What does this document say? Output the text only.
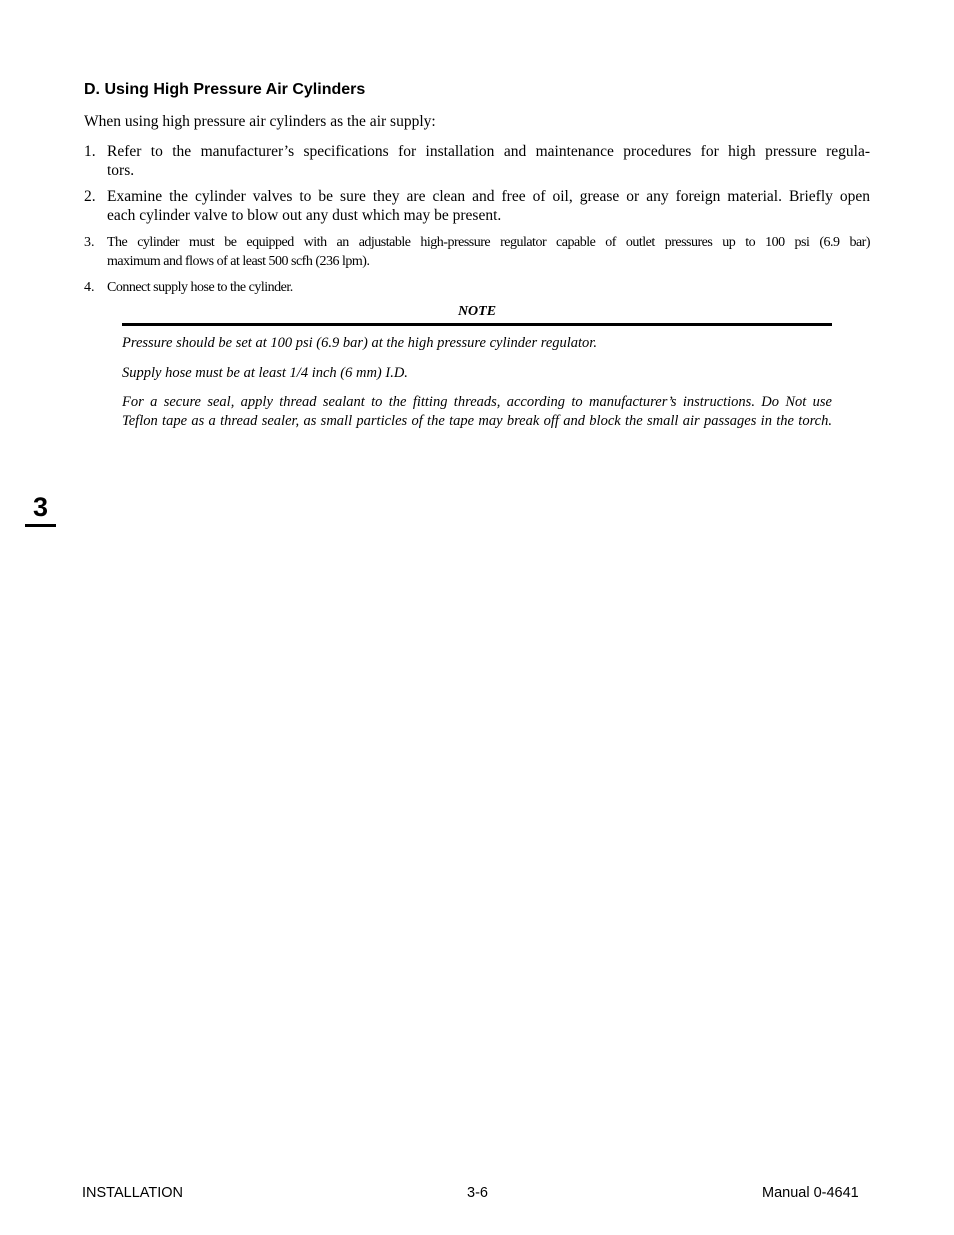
D. Using High Pressure Air Cylinders
When using high pressure air cylinders as the air supply:
1. Refer to the manufacturer’s specifications for installation and maintenance procedures for high pressure regula-
tors.
2. Examine the cylinder valves to be sure they are clean and free of oil, grease or any foreign material. Briefly open
each cylinder valve to blow out any dust which may be present.
3. The cylinder must be equipped with an adjustable high-pressure regulator capable of outlet pressures up to 100 psi (6.9 bar)
maximum and flows of at least 500 scfh (236 lpm).
4. Connect supply hose to the cylinder.
NOTE
Pressure should be set at 100 psi (6.9 bar) at the high pressure cylinder regulator.
Supply hose must be at least 1/4 inch (6 mm) I.D.
For a secure seal, apply thread sealant to the fitting threads, according to manufacturer’s instructions. Do Not use
Teflon tape as a thread sealer, as small particles of the tape may break off and block the small air passages in the torch.
3
INSTALLATION	3-6	Manual 0-4641
